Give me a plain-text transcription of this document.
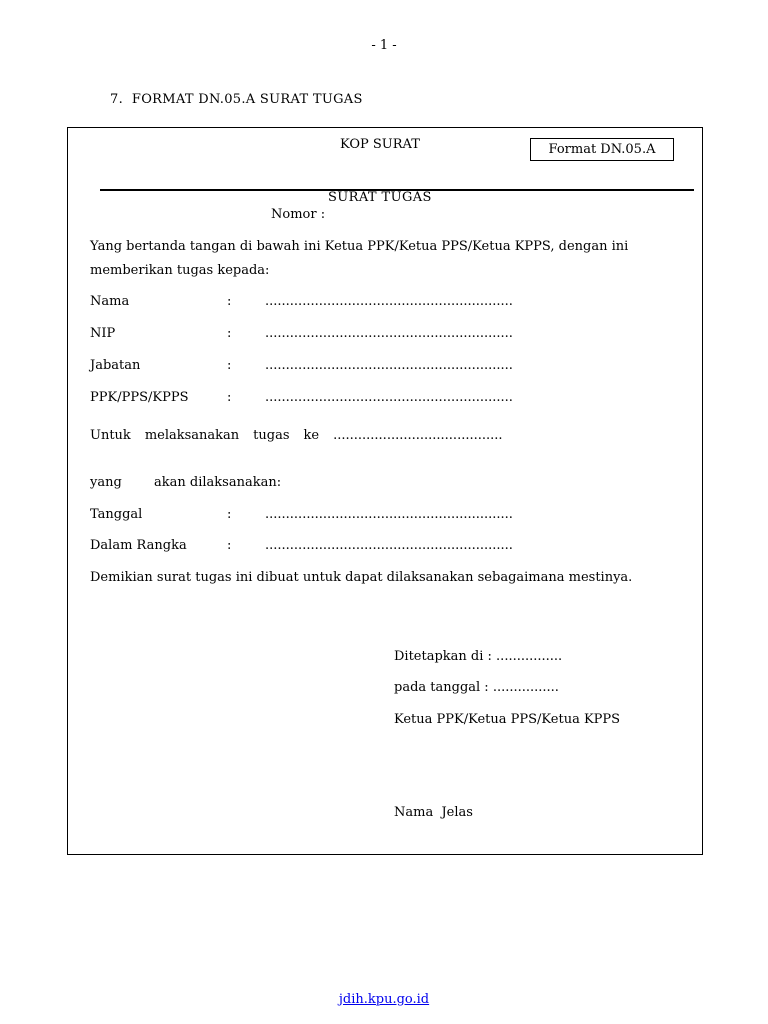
- 1 -
7.  FORMAT DN.05.A SURAT TUGAS
KOP SURAT	Format DN.05.A
SURAT TUGAS
Nomor :
Yang bertanda tangan di bawah ini Ketua PPK/Ketua PPS/Ketua KPPS, dengan ini memberikan tugas kepada:
Nama	:	............................................................
NIP	:	............................................................
Jabatan	:	............................................................
PPK/PPS/KPPS	:	............................................................
Untuk melaksanakan tugas ke .........................................
yang akan dilaksanakan:
Tanggal	:	............................................................
Dalam Rangka	:	............................................................
Demikian surat tugas ini dibuat untuk dapat dilaksanakan sebagaimana mestinya.
Ditetapkan di : ................
pada tanggal : ................
Ketua PPK/Ketua PPS/Ketua KPPS
Nama  Jelas
jdih.kpu.go.id
